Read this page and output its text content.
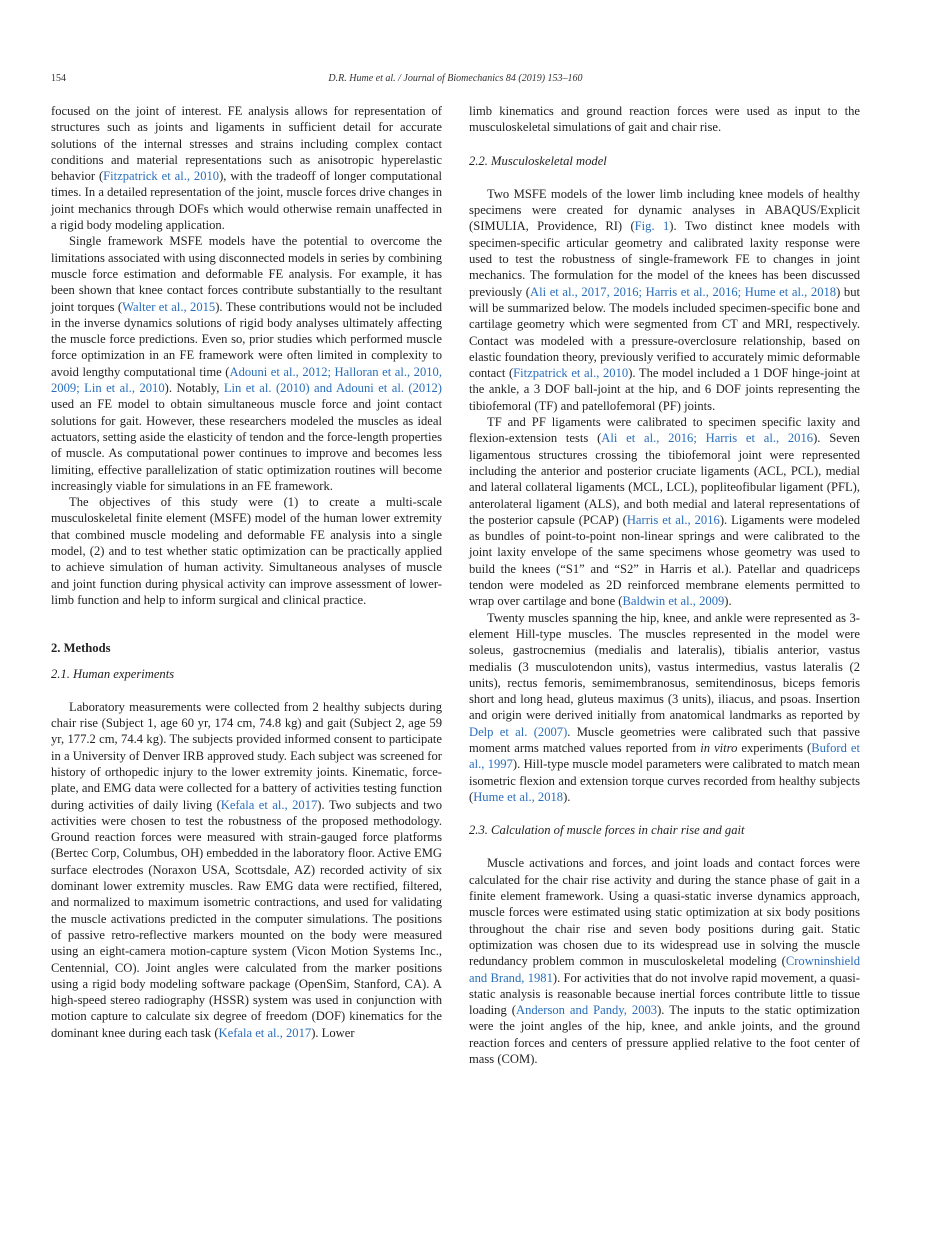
154	D.R. Hume et al. / Journal of Biomechanics 84 (2019) 153–160

focused on the joint of interest. FE analysis allows for representation of structures such as joints and ligaments in sufficient detail for accurate solutions of the internal stresses and strains including complex contact conditions and material representations such as anisotropic hyperelastic behavior (Fitzpatrick et al., 2010), with the tradeoff of longer computational times. In a detailed representation of the joint, muscle forces drive changes in joint mechanics through DOFs which would otherwise remain unaffected in a rigid body modeling application.

Single framework MSFE models have the potential to overcome the limitations associated with using disconnected models in series by combining muscle force estimation and deformable FE analysis. For example, it has been shown that knee contact forces contribute substantially to the resultant joint torques (Walter et al., 2015). These contributions would not be included in the inverse dynamics solutions of rigid body analyses ultimately affecting the muscle force predictions. Even so, prior studies which performed muscle force optimization in an FE framework were often limited in complexity to avoid lengthy computational time (Adouni et al., 2012; Halloran et al., 2010, 2009; Lin et al., 2010). Notably, Lin et al. (2010) and Adouni et al. (2012) used an FE model to obtain simultaneous muscle force and joint contact solutions for gait. However, these researchers modeled the muscles as ideal actuators, setting aside the elasticity of tendon and the force-length properties of muscle. As computational power continues to improve and becomes less limiting, effective parallelization of static optimization routines will become increasingly viable for simulations in an FE framework.

The objectives of this study were (1) to create a multi-scale musculoskeletal finite element (MSFE) model of the human lower extremity that combined muscle modeling and deformable FE analysis into a single model, (2) and to test whether static optimization can be practically applied to achieve simulation of human activity. Simultaneous analyses of muscle and joint function during physical activity can improve assessment of lower-limb function and help to inform surgical and clinical practice.

2. Methods
2.1. Human experiments

Laboratory measurements were collected from 2 healthy subjects during chair rise (Subject 1, age 60 yr, 174 cm, 74.8 kg) and gait (Subject 2, age 59 yr, 177.2 cm, 74.4 kg). The subjects provided informed consent to participate in a University of Denver IRB approved study. Each subject was screened for history of orthopedic injury to the lower extremity joints. Kinematic, force-plate, and EMG data were collected for a battery of activities testing function during activities of daily living (Kefala et al., 2017). Two subjects and two activities were chosen to test the robustness of the proposed methodology. Ground reaction forces were measured with strain-gauged force platforms (Bertec Corp, Columbus, OH) embedded in the laboratory floor. Active EMG surface electrodes (Noraxon USA, Scottsdale, AZ) recorded activity of six dominant lower extremity muscles. Raw EMG data were rectified, filtered, and normalized to maximum isometric contractions, and used for validating the muscle activations predicted in the computer simulations. The positions of passive retro-reflective markers mounted on the body were measured using an eight-camera motion-capture system (Vicon Motion Systems Inc., Centennial, CO). Joint angles were calculated from the marker positions using a rigid body modeling software package (OpenSim, Stanford, CA). A high-speed stereo radiography (HSSR) system was used in conjunction with motion capture to calculate six degree of freedom (DOF) kinematics for the dominant knee during each task (Kefala et al., 2017). Lower

limb kinematics and ground reaction forces were used as input to the musculoskeletal simulations of gait and chair rise.

2.2. Musculoskeletal model

Two MSFE models of the lower limb including knee models of healthy specimens were created for dynamic analyses in ABAQUS/Explicit (SIMULIA, Providence, RI) (Fig. 1). Two distinct knee models with specimen-specific articular geometry and calibrated laxity response were used to test the robustness of single-framework FE to changes in joint mechanics. The formulation for the model of the knees has been discussed previously (Ali et al., 2017, 2016; Harris et al., 2016; Hume et al., 2018) but will be summarized below. The models included specimen-specific bone and cartilage geometry which were segmented from CT and MRI, respectively. Contact was modeled with a pressure-overclosure relationship, based on elastic foundation theory, previously verified to accurately mimic deformable contact (Fitzpatrick et al., 2010). The model included a 1 DOF hinge-joint at the ankle, a 3 DOF ball-joint at the hip, and 6 DOF joints representing the tibiofemoral (TF) and patellofemoral (PF) joints.

TF and PF ligaments were calibrated to specimen specific laxity and flexion-extension tests (Ali et al., 2016; Harris et al., 2016). Seven ligamentous structures crossing the tibiofemoral joint were represented including the anterior and posterior cruciate ligaments (ACL, PCL), medial and lateral collateral ligaments (MCL, LCL), popliteofibular ligament (PFL), anterolateral ligament (ALS), and both medial and lateral representations of the posterior capsule (PCAP) (Harris et al., 2016). Ligaments were modeled as bundles of point-to-point non-linear springs and were calibrated to the joint laxity envelope of the same specimens whose geometry was used to build the knees (“S1” and “S2” in Harris et al.). Patellar and quadriceps tendon were modeled as 2D reinforced membrane elements permitted to wrap over cartilage and bone (Baldwin et al., 2009).

Twenty muscles spanning the hip, knee, and ankle were represented as 3-element Hill-type muscles. The muscles represented in the model were soleus, gastrocnemius (medialis and lateralis), tibialis anterior, vastus medialis (3 musculotendon units), vastus intermedius, vastus lateralis (2 units), rectus femoris, semimembranosus, semitendinosus, biceps femoris short and long head, gluteus maximus (3 units), iliacus, and psoas. Insertion and origin were derived initially from anatomical landmarks as reported by Delp et al. (2007). Muscle geometries were calibrated such that passive moment arms matched values reported from in vitro experiments (Buford et al., 1997). Hill-type muscle model parameters were calibrated to match mean isometric flexion and extension torque curves recorded from healthy subjects (Hume et al., 2018).

2.3. Calculation of muscle forces in chair rise and gait

Muscle activations and forces, and joint loads and contact forces were calculated for the chair rise activity and during the stance phase of gait in a finite element framework. Using a quasi-static inverse dynamics approach, muscle forces were estimated using static optimization at six body positions throughout the chair rise and seven body positions during gait. Static optimization was chosen due to its widespread use in solving the muscle redundancy problem common in musculoskeletal modeling (Crowninshield and Brand, 1981). For activities that do not involve rapid movement, a quasi-static analysis is reasonable because inertial forces contribute little to tissue loading (Anderson and Pandy, 2003). The inputs to the static optimization were the joint angles of the hip, knee, and ankle joints, and the ground reaction forces and centers of pressure applied relative to the foot center of mass (COM).
